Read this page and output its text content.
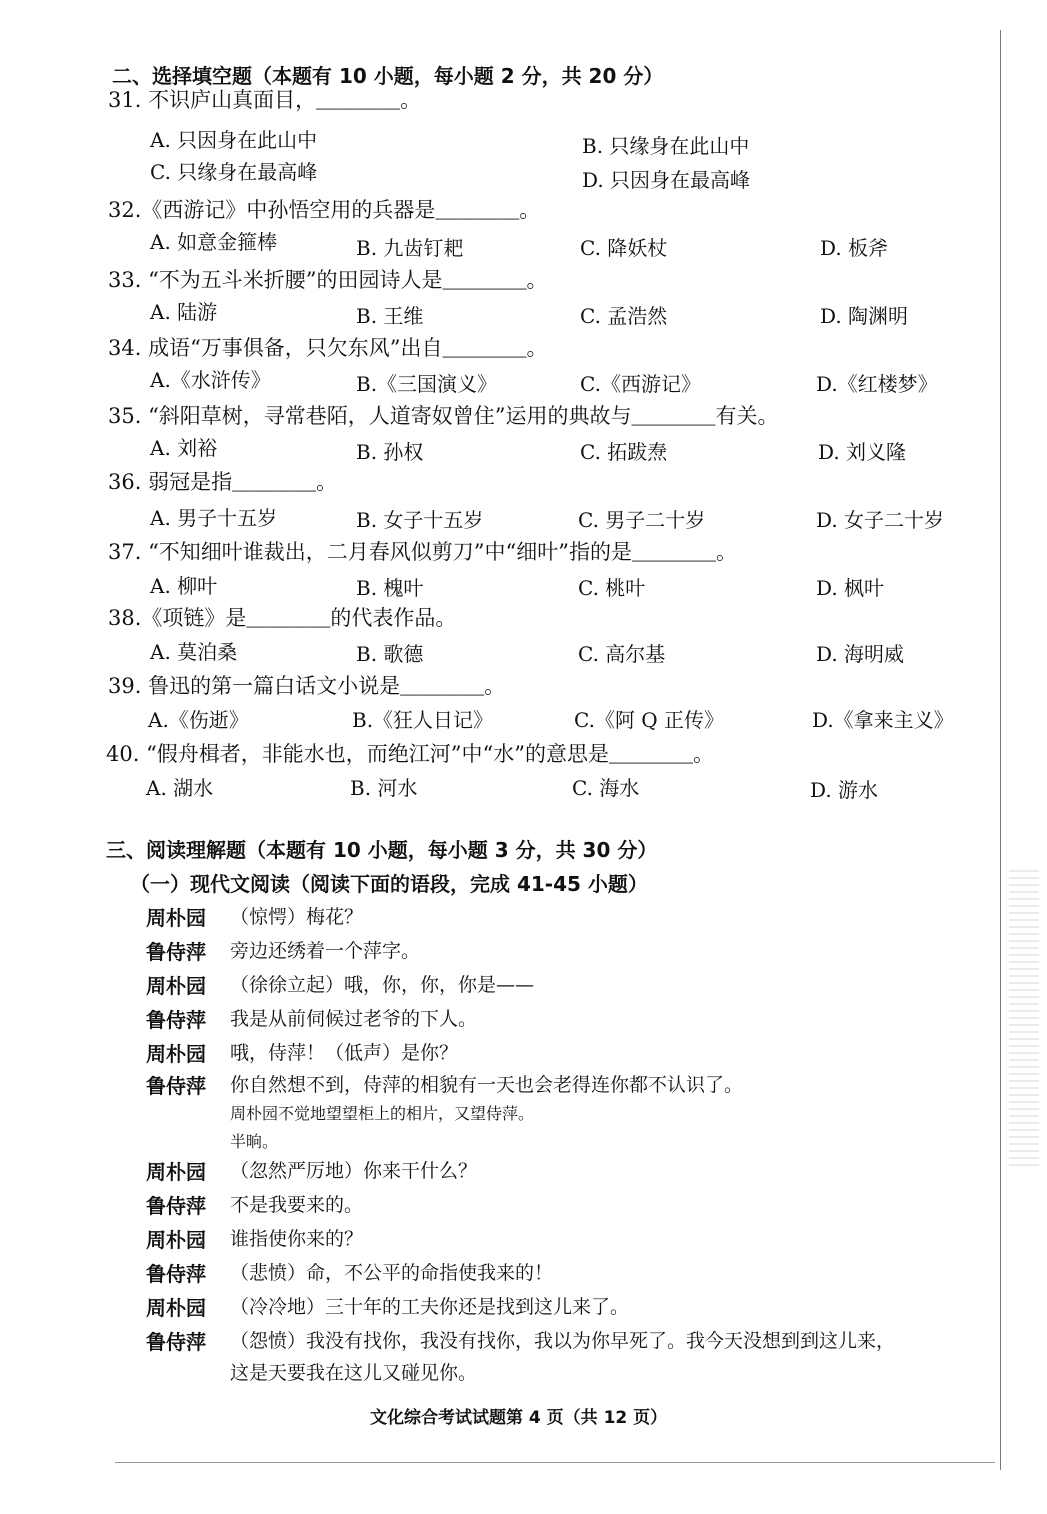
二、选择填空题（本题有 10 小题，每小题 2 分，共 20 分）
31. 不识庐山真面目，＿＿＿＿。
A. 只因身在此山中	B. 只缘身在此山中
C. 只缘身在最高峰	D. 只因身在最高峰
32.《西游记》中孙悟空用的兵器是＿＿＿＿。
A. 如意金箍棒	B. 九齿钉耙	C. 降妖杖	D. 板斧
33. “不为五斗米折腰”的田园诗人是＿＿＿＿。
A. 陆游	B. 王维	C. 孟浩然	D. 陶渊明
34. 成语“万事俱备，只欠东风”出自＿＿＿＿。
A.《水浒传》	B.《三国演义》	C.《西游记》	D.《红楼梦》
35. “斜阳草树，寻常巷陌，人道寄奴曾住”运用的典故与＿＿＿＿有关。
A. 刘裕	B. 孙权	C. 拓跋焘	D. 刘义隆
36. 弱冠是指＿＿＿＿。
A. 男子十五岁	B. 女子十五岁	C. 男子二十岁	D. 女子二十岁
37. “不知细叶谁裁出，二月春风似剪刀”中“细叶”指的是＿＿＿＿。
A. 柳叶	B. 槐叶	C. 桃叶	D. 枫叶
38.《项链》是＿＿＿＿的代表作品。
A. 莫泊桑	B. 歌德	C. 高尔基	D. 海明威
39. 鲁迅的第一篇白话文小说是＿＿＿＿。
A.《伤逝》	B.《狂人日记》	C.《阿 Q 正传》	D.《拿来主义》
40. “假舟楫者，非能水也，而绝江河”中“水”的意思是＿＿＿＿。
A. 湖水	B. 河水	C. 海水	D. 游水
三、阅读理解题（本题有 10 小题，每小题 3 分，共 30 分）
（一）现代文阅读（阅读下面的语段，完成 41-45 小题）
周朴园 （惊愕）梅花？
鲁侍萍 旁边还绣着一个萍字。
周朴园 （徐徐立起）哦，你，你，你是——
鲁侍萍 我是从前伺候过老爷的下人。
周朴园 哦，侍萍！（低声）是你？
鲁侍萍 你自然想不到，侍萍的相貌有一天也会老得连你都不认识了。
周朴园不觉地望望柜上的相片，又望侍萍。
半晌。
周朴园 （忽然严厉地）你来干什么？
鲁侍萍 不是我要来的。
周朴园 谁指使你来的？
鲁侍萍 （悲愤）命，不公平的命指使我来的！
周朴园 （冷冷地）三十年的工夫你还是找到这儿来了。
鲁侍萍 （怨愤）我没有找你，我没有找你，我以为你早死了。我今天没想到到这儿来，
这是天要我在这儿又碰见你。
文化综合考试试题第 4 页（共 12 页）
